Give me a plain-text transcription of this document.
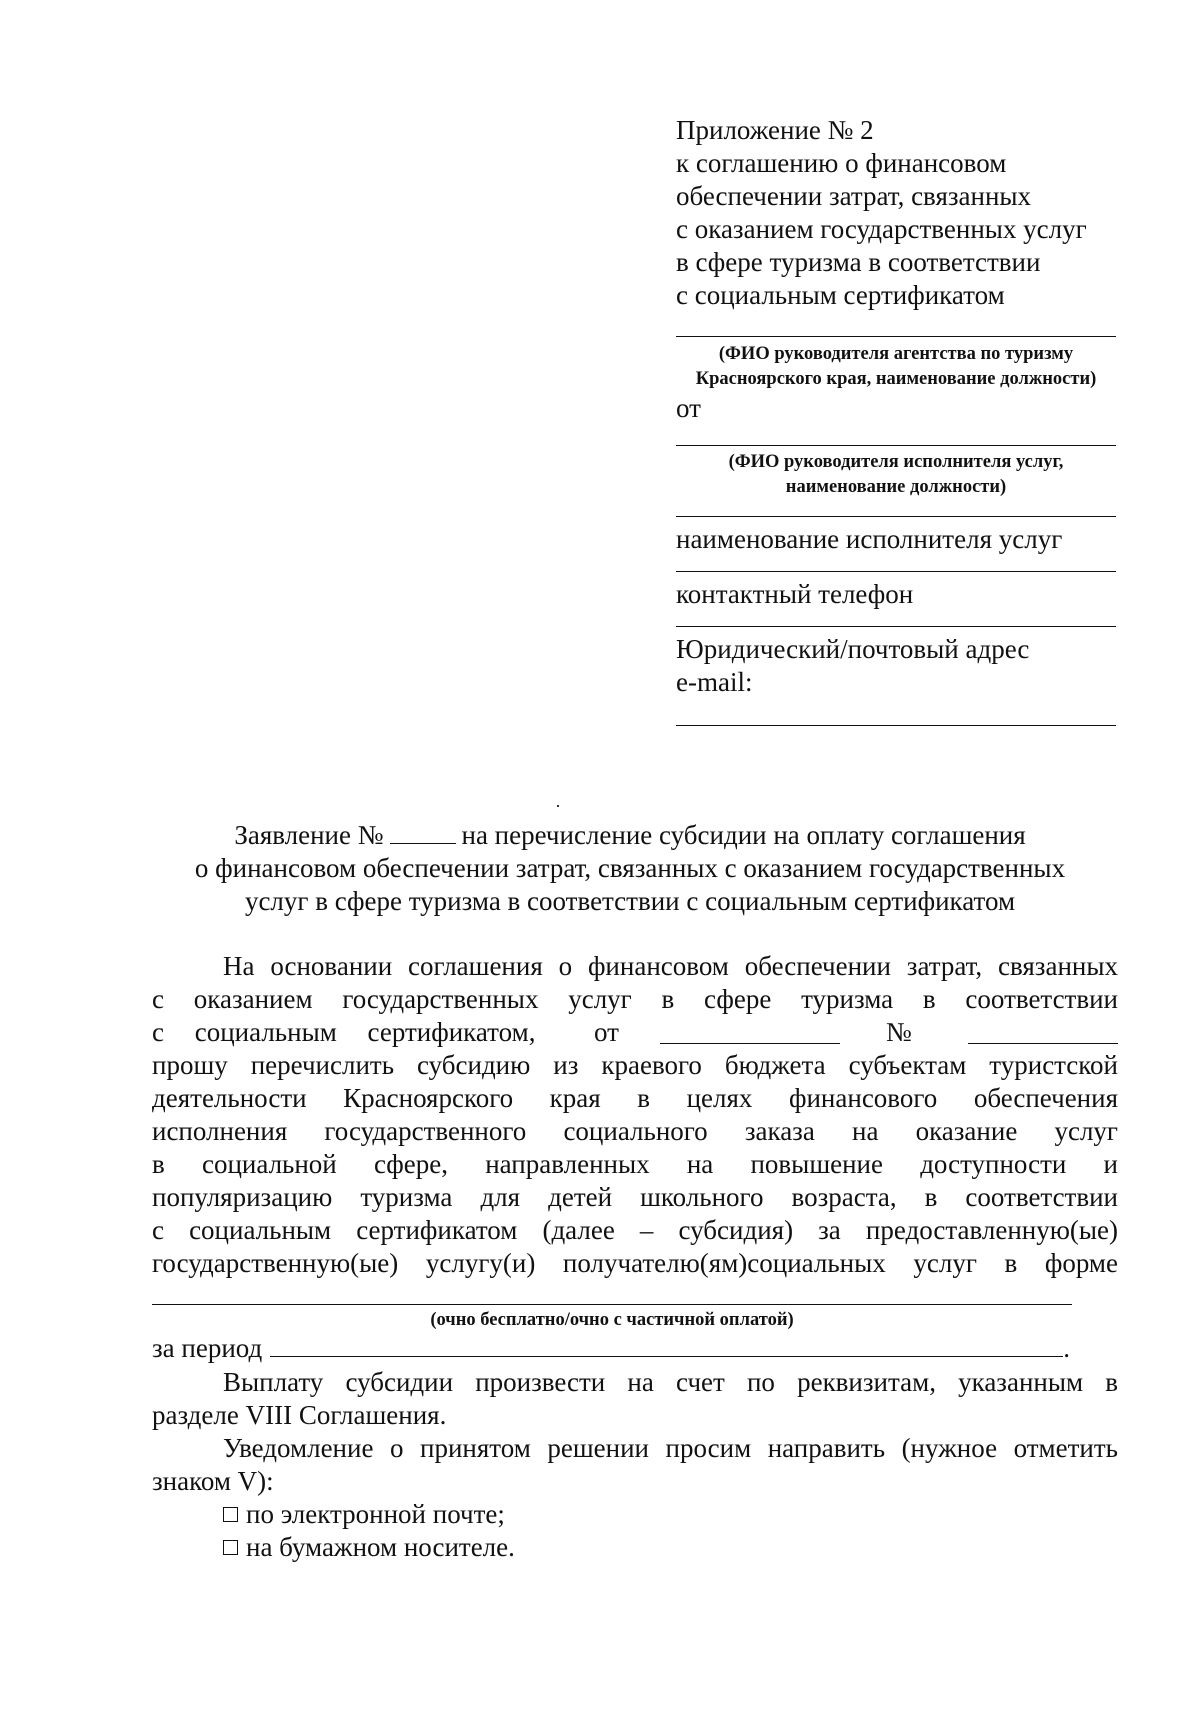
Приложение № 2
к соглашению о финансовом
обеспечении затрат, связанных
с оказанием государственных услуг
в сфере туризма в соответствии
с социальным сертификатом
(ФИО руководителя агентства по туризму
Красноярского края, наименование должности)
от
(ФИО руководителя исполнителя услуг,
наименование должности)
наименование исполнителя услуг
контактный телефон
Юридический/почтовый адрес
e-mail:
Заявление №	на перечисление субсидии на оплату соглашения
о финансовом обеспечении затрат, связанных с оказанием государственных
услуг в сфере туризма в соответствии с социальным сертификатом
На основании соглашения о финансовом обеспечении затрат, связанных
с оказанием государственных услуг в сфере туризма в соответствии
с социальным сертификатом, от	№
прошу перечислить субсидию из краевого бюджета субъектам туристской
деятельности Красноярского края в целях финансового обеспечения
исполнения государственного социального заказа на оказание услуг
в социальной сфере, направленных на повышение доступности и
популяризацию туризма для детей школьного возраста, в соответствии
с социальным сертификатом (далее – субсидия) за предоставленную(ые)
государственную(ые) услугу(и) получателю(ям)социальных услуг в форме
(очно бесплатно/очно с частичной оплатой)
за период	.
Выплату субсидии произвести на счет по реквизитам, указанным в
разделе VIII Соглашения.
Уведомление о принятом решении просим направить (нужное отметить
знаком V):
по электронной почте;
на бумажном носителе.
